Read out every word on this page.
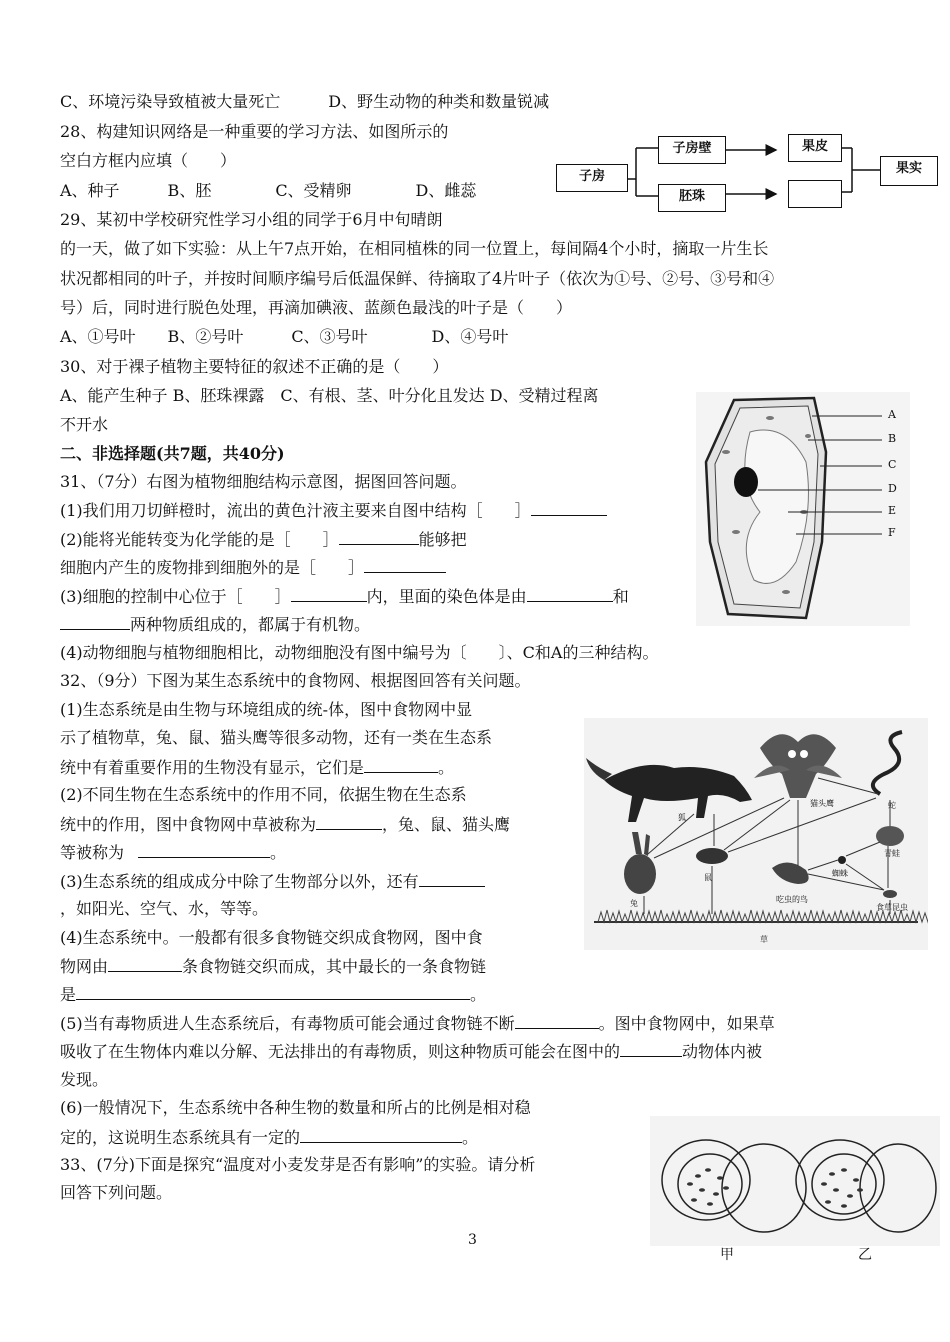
C、环境污染导致植被大量死亡　　　D、野生动物的种类和数量锐减
28、构建知识网络是一种重要的学习方法、如图所示的
空白方框内应填（　　）
A、种子　　　B、胚　　　　C、受精卵　　　　D、雌蕊
29、某初中学校研究性学习小组的同学于6月中旬晴朗
的一天，做了如下实验：从上午7点开始，在相同植株的同一位置上，每间隔4个小时，摘取一片生长
状况都相同的叶子，并按时间顺序编号后低温保鲜、待摘取了4片叶子（依次为①号、②号、③号和④
号）后，同时进行脱色处理，再滴加碘液、蓝颜色最浅的叶子是（　　）
A、①号叶　　B、②号叶　　　C、③号叶　　　　D、④号叶
30、对于裸子植物主要特征的叙述不正确的是（　　）
A、能产生种子 B、胚珠裸露　C、有根、茎、叶分化且发达 D、受精过程离
不开水
二、非选择题(共7题，共40分)
31、（7分）右图为植物细胞结构示意图，据图回答问题。
(1)我们用刀切鲜橙时，流出的黄色汁液主要来自图中结构［　　］
(2)能将光能转变为化学能的是［　　］	能够把
细胞内产生的废物排到细胞外的是［　　］
(3)细胞的控制中心位于［　　］	内，里面的染色体是由	和
两种物质组成的，都属于有机物。
(4)动物细胞与植物细胞相比，动物细胞没有图中编号为〔　　〕、C和A的三种结构。
32、（9分）下图为某生态系统中的食物网、根据图回答有关问题。
(1)生态系统是由生物与环境组成的统-体，图中食物网中显
示了植物草，兔、鼠、猫头鹰等很多动物，还有一类在生态系
统中有着重要作用的生物没有显示，它们是	。
(2)不同生物在生态系统中的作用不同，依据生物在生态系
统中的作用，图中食物网中草被称为	，兔、鼠、猫头鹰
等被称为	。
(3)生态系统的组成成分中除了生物部分以外，还有
，如阳光、空气、水，等等。
(4)生态系统中。一般都有很多食物链交织成食物网，图中食
物网由	条食物链交织而成，其中最长的一条食物链
是	。
(5)当有毒物质进人生态系统后，有毒物质可能会通过食物链不断	。图中食物网中，如果草
吸收了在生物体内难以分解、无法排出的有毒物质，则这种物质可能会在图中的	动物体内被
发现。
(6)一般情况下，生态系统中各种生物的数量和所占的比例是相对稳
定的，这说明生态系统具有一定的	。
33、(7分)下面是探究“温度对小麦发芽是否有影响”的实验。请分析
回答下列问题。
子房
子房壁
胚珠
果皮
果实
A
B
C
D
E
F
狐
猫头鹰	蛇
青蛙
兔
鼠
吃虫的鸟
蜘蛛
食草昆虫
草
甲	乙
3
